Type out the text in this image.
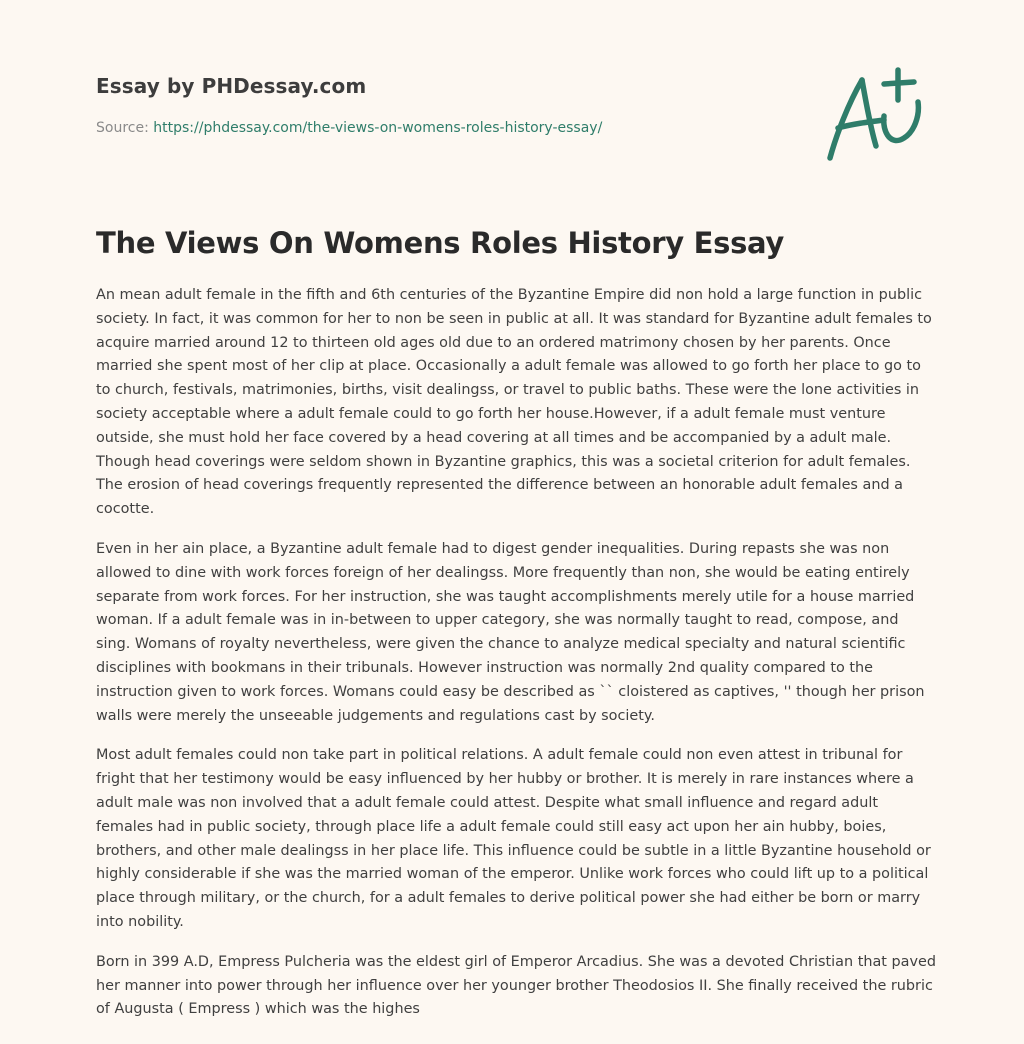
Essay by PHDessay.com
Source: https://phdessay.com/the-views-on-womens-roles-history-essay/
The Views On Womens Roles History Essay

An mean adult female in the fifth and 6th centuries of the Byzantine Empire did non hold a large function in public society. In fact, it was common for her to non be seen in public at all. It was standard for Byzantine adult females to acquire married around 12 to thirteen old ages old due to an ordered matrimony chosen by her parents. Once married she spent most of her clip at place. Occasionally a adult female was allowed to go forth her place to go to to church, festivals, matrimonies, births, visit dealingss, or travel to public baths. These were the lone activities in society acceptable where a adult female could to go forth her house.However, if a adult female must venture outside, she must hold her face covered by a head covering at all times and be accompanied by a adult male. Though head coverings were seldom shown in Byzantine graphics, this was a societal criterion for adult females. The erosion of head coverings frequently represented the difference between an honorable adult females and a cocotte.

Even in her ain place, a Byzantine adult female had to digest gender inequalities. During repasts she was non allowed to dine with work forces foreign of her dealingss. More frequently than non, she would be eating entirely separate from work forces. For her instruction, she was taught accomplishments merely utile for a house married woman. If a adult female was in in-between to upper category, she was normally taught to read, compose, and sing. Womans of royalty nevertheless, were given the chance to analyze medical specialty and natural scientific disciplines with bookmans in their tribunals. However instruction was normally 2nd quality compared to the instruction given to work forces. Womans could easy be described as `` cloistered as captives, '' though her prison walls were merely the unseeable judgements and regulations cast by society.

Most adult females could non take part in political relations. A adult female could non even attest in tribunal for fright that her testimony would be easy influenced by her hubby or brother. It is merely in rare instances where a adult male was non involved that a adult female could attest. Despite what small influence and regard adult females had in public society, through place life a adult female could still easy act upon her ain hubby, boies, brothers, and other male dealingss in her place life. This influence could be subtle in a little Byzantine household or highly considerable if she was the married woman of the emperor. Unlike work forces who could lift up to a political place through military, or the church, for a adult females to derive political power she had either be born or marry into nobility.

Born in 399 A.D, Empress Pulcheria was the eldest girl of Emperor Arcadius. She was a devoted Christian that paved her manner into power through her influence over her younger brother Theodosios II. She finally received the rubric of Augusta ( Empress ) which was the highes
